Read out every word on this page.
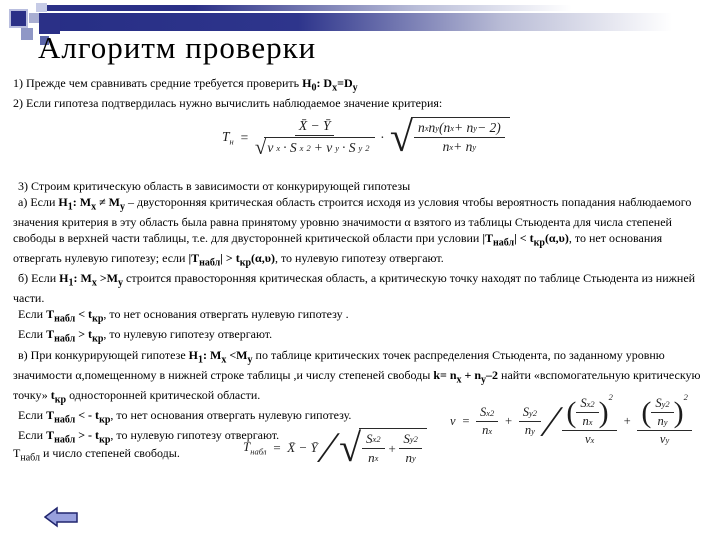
Алгоритм проверки

1) Прежде чем сравнивать средние требуется проверить $H_0$: $D_x=D_y$

2) Если гипотеза подтвердилась нужно вычислить наблюдаемое значение критерия:

$T_н = \frac{X̄ - Ȳ}{\text{√ ν x · S x 2 + ν y · S y 2}}$ · √ $\frac{\text{n x n y (n x + n y − 2)}}{\text{n x + n y}}$

3) Строим критическую область в зависимости от конкурирующей гипотезы

а) Если $H_1$: $M_x \ne M_y$ – двусторонняя критическая область строится исходя из условия чтобы вероятность попадания наблюдаемого значения критерия в эту область была равна принятому уровню значимости α взятого из таблицы Стьюдента для числа степеней свободы в верхней части таблицы, т.е. для двусторонней критической области при условии $|T_{набл}| < t_{кр}(\alpha,\upsilon)$, то нет основания отвергать нулевую гипотезу; если $|T_{набл}| > t_{кр}(\alpha,\upsilon)$, то нулевую гипотезу отвергают.

б) Если $H_1$: $M_x >M_y$ строится правосторонняя критическая область, а критическую точку находят по таблице Стьюдента из нижней части.

Если $T_{набл} < t_{кр}$, то нет основания отвергать нулевую гипотезу .

Если $T_{набл} > t_{кр}$, то нулевую гипотезу отвергают.

в) При конкурирующей гипотезе $H_1$: $M_x <M_y$ по таблице критических точек распределения Стьюдента, по заданному уровню значимости α,помещенному в нижней строке таблицы ,и числу степеней свободы $k= n_x + n_y-2$ найти «вспомогательную критическую точку» $t_{кр}$ односторонней критической области.

Если $T_{набл}$ < - $t_{кр}$, то нет основания отвергать нулевую гипотезу.

Если $T_{набл}$ > - $t_{кр}$, то нулевую гипотезу отвергают.

$T_{набл}$ и число степеней свободы.	$T_{набл}$ = X̄ − Ȳ ∕ √ $\frac{\text{S x 2}}{\text{n x}} + \frac{\text{S y 2}}{\text{n y}}$
$\nu = \frac{\text{S x 2}}{\text{n x}} + \frac{\text{S y 2}}{\text{n y}}$ ∕ ( $\frac{\text{S x 2}}{\text{n x}} )^2$
ν x
+ ( $\frac{\text{S y 2}}{\text{n y}} )^2$
ν y
